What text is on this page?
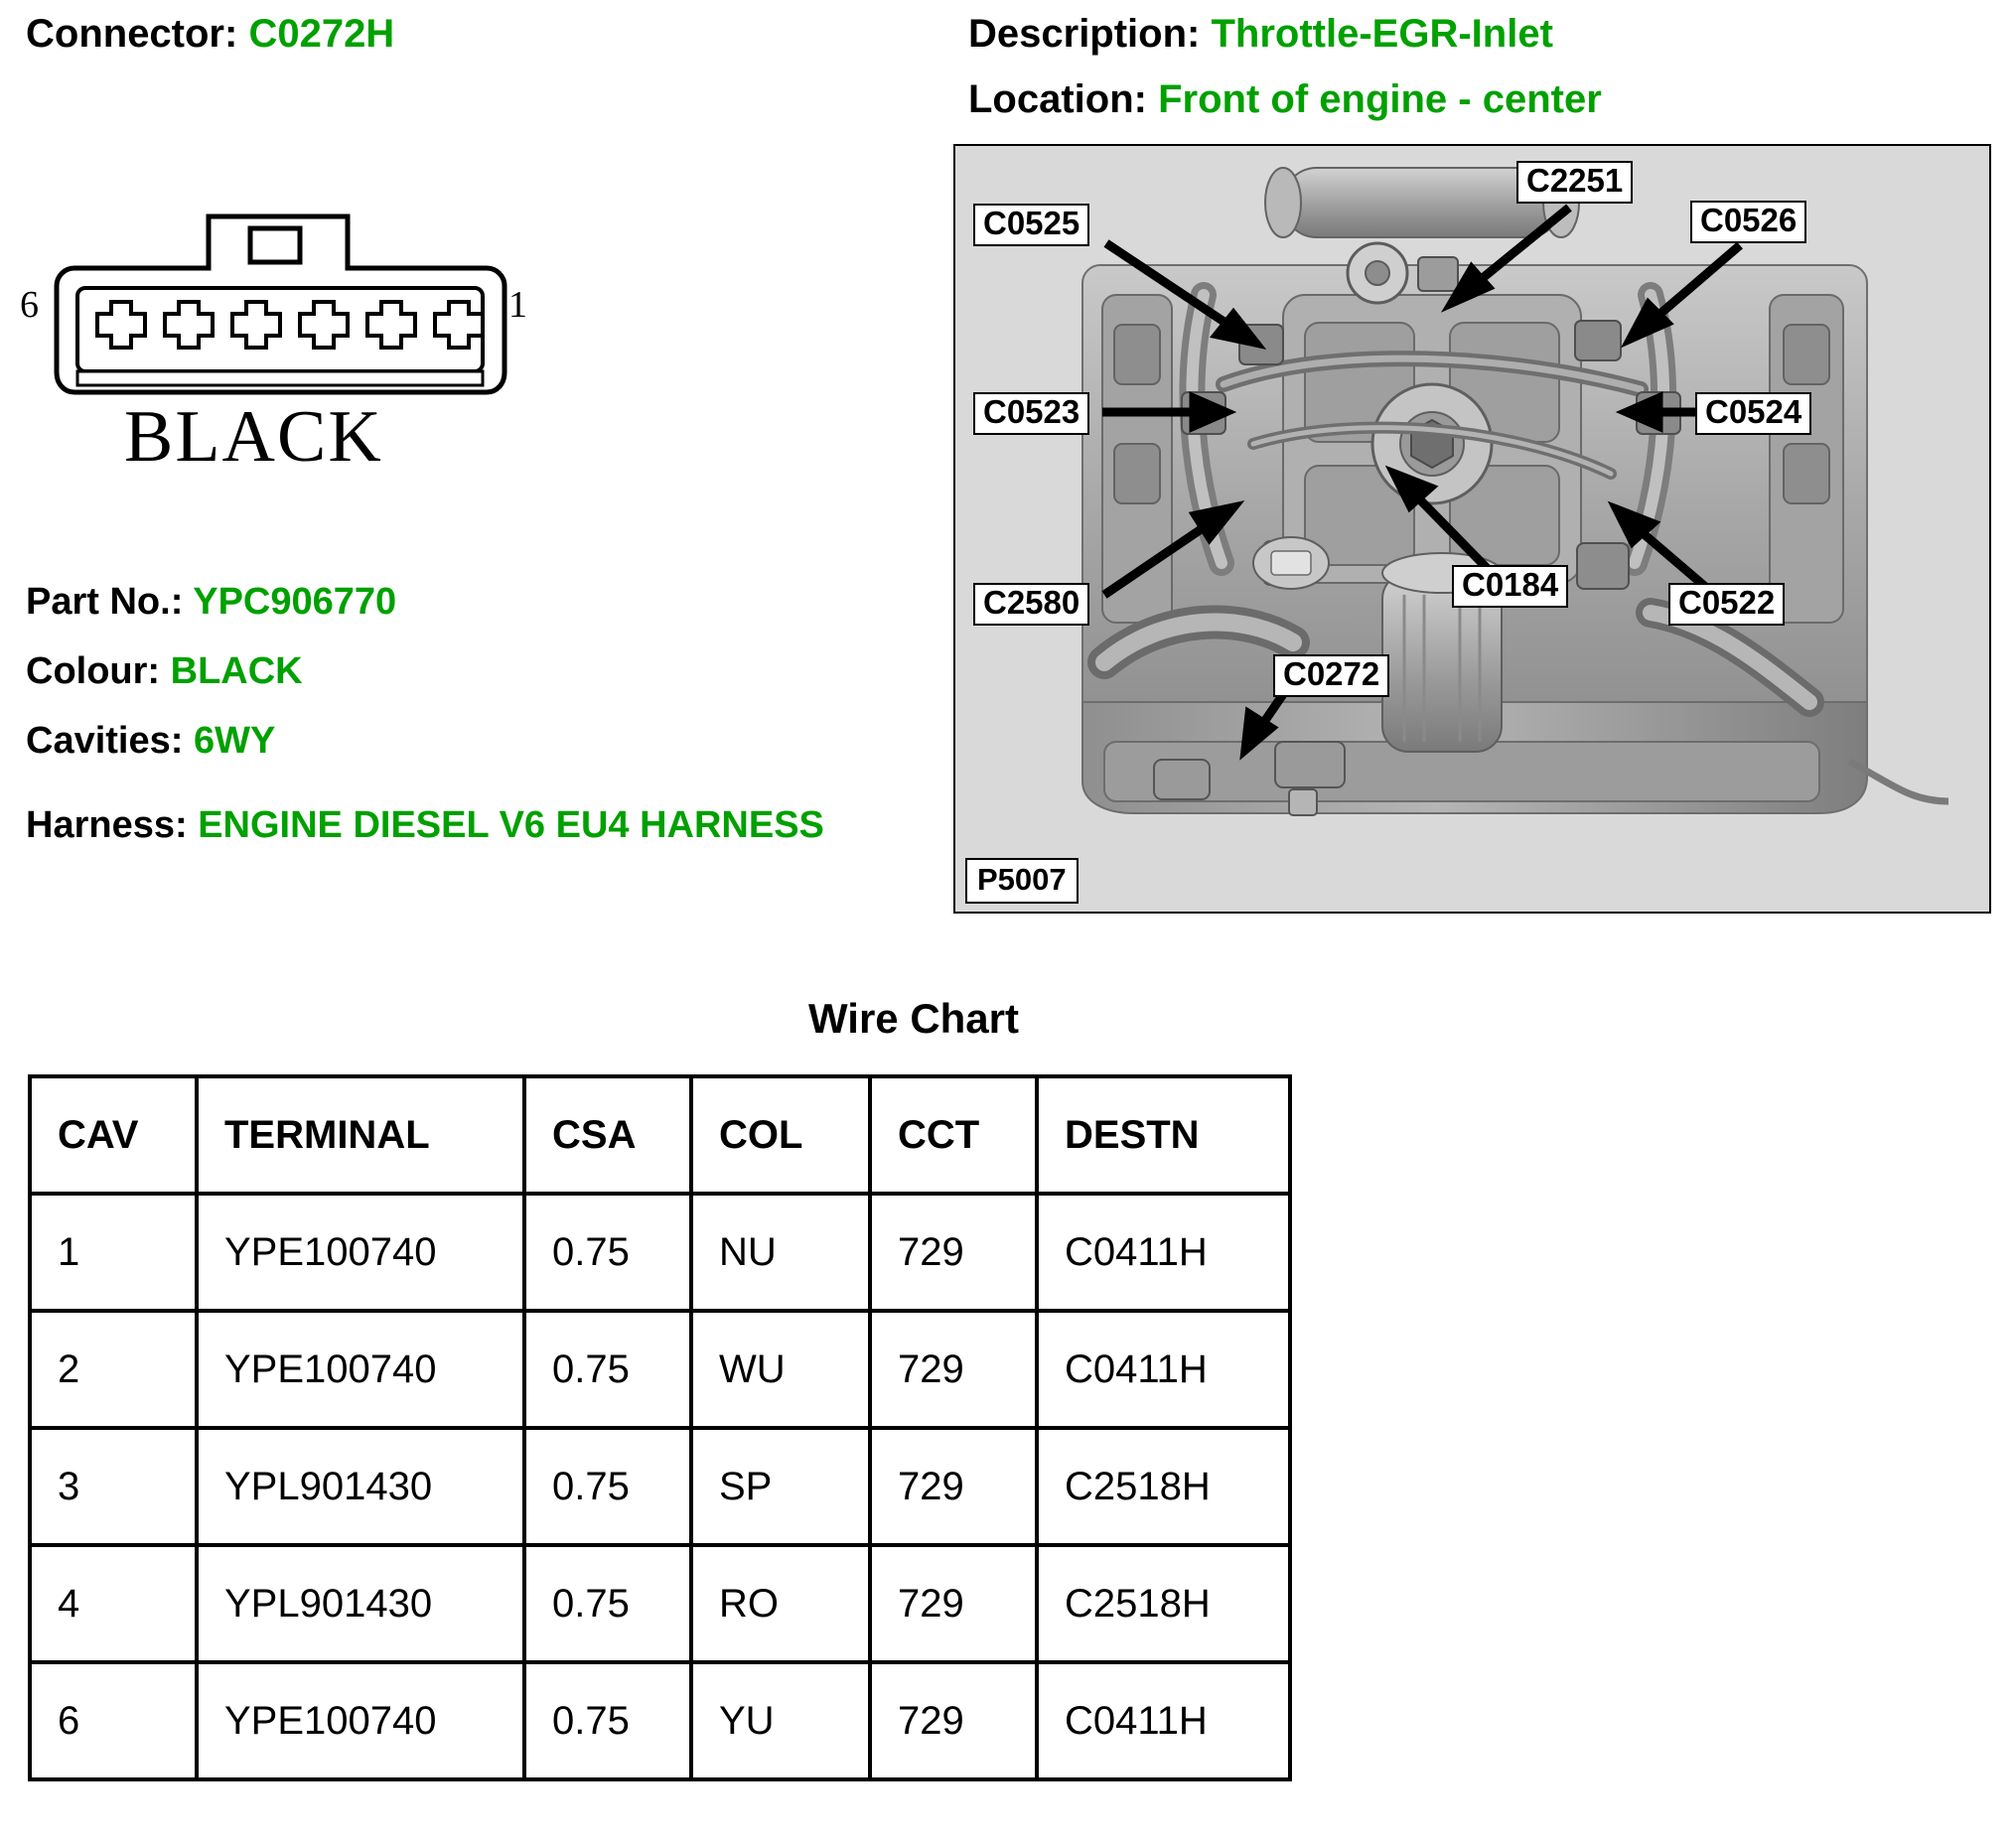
Connector: C0272H	Description: Throttle-EGR-Inlet
Location: Front of engine - center
6	1
BLACK
Part No.: YPC906770
Colour: BLACK
Cavities: 6WY
Harness: ENGINE DIESEL V6 EU4 HARNESS
C2251
C0526
C0525
C0523	C0524
C0184	C0522
C2580
C0272
P5007
Wire Chart
CAV	TERMINAL	CSA	COL	CCT	DESTN
1	YPE100740	0.75	NU	729	C0411H
2	YPE100740	0.75	WU	729	C0411H
3	YPL901430	0.75	SP	729	C2518H
4	YPL901430	0.75	RO	729	C2518H
6	YPE100740	0.75	YU	729	C0411H
